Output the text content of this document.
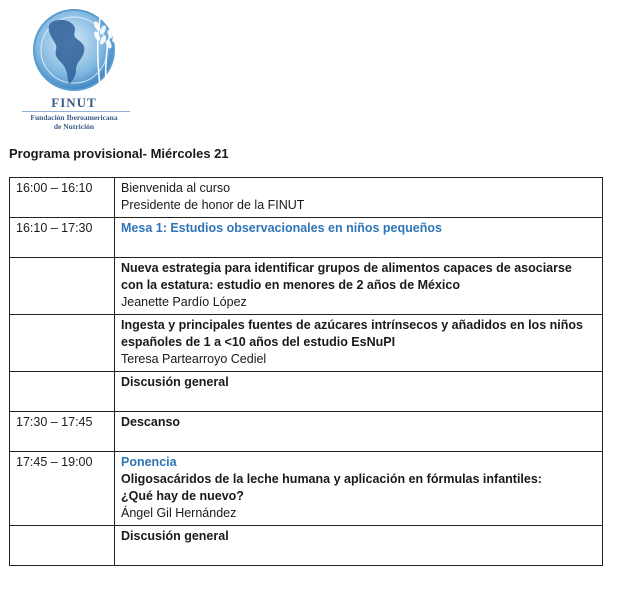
FINUT
Fundación Iberoamericana
de Nutrición
Programa provisional- Miércoles 21
16:00 – 16:10	Bienvenida al curso
Presidente de honor de la FINUT

16:10 – 17:30	Mesa 1: Estudios observacionales en niños pequeños

	Nueva estrategia para identificar grupos de alimentos capaces de asociarse con la estatura: estudio en menores de 2 años de México
Jeanette Pardío López

	Ingesta y principales fuentes de azúcares intrínsecos y añadidos en los niños españoles de 1 a <10 años del estudio EsNuPI
Teresa Partearroyo Cediel

	Discusión general

17:30 – 17:45	Descanso

17:45 – 19:00	Ponencia
Oligosacáridos de la leche humana y aplicación en fórmulas infantiles:
¿Qué hay de nuevo?
Ángel Gil Hernández

	Discusión general
